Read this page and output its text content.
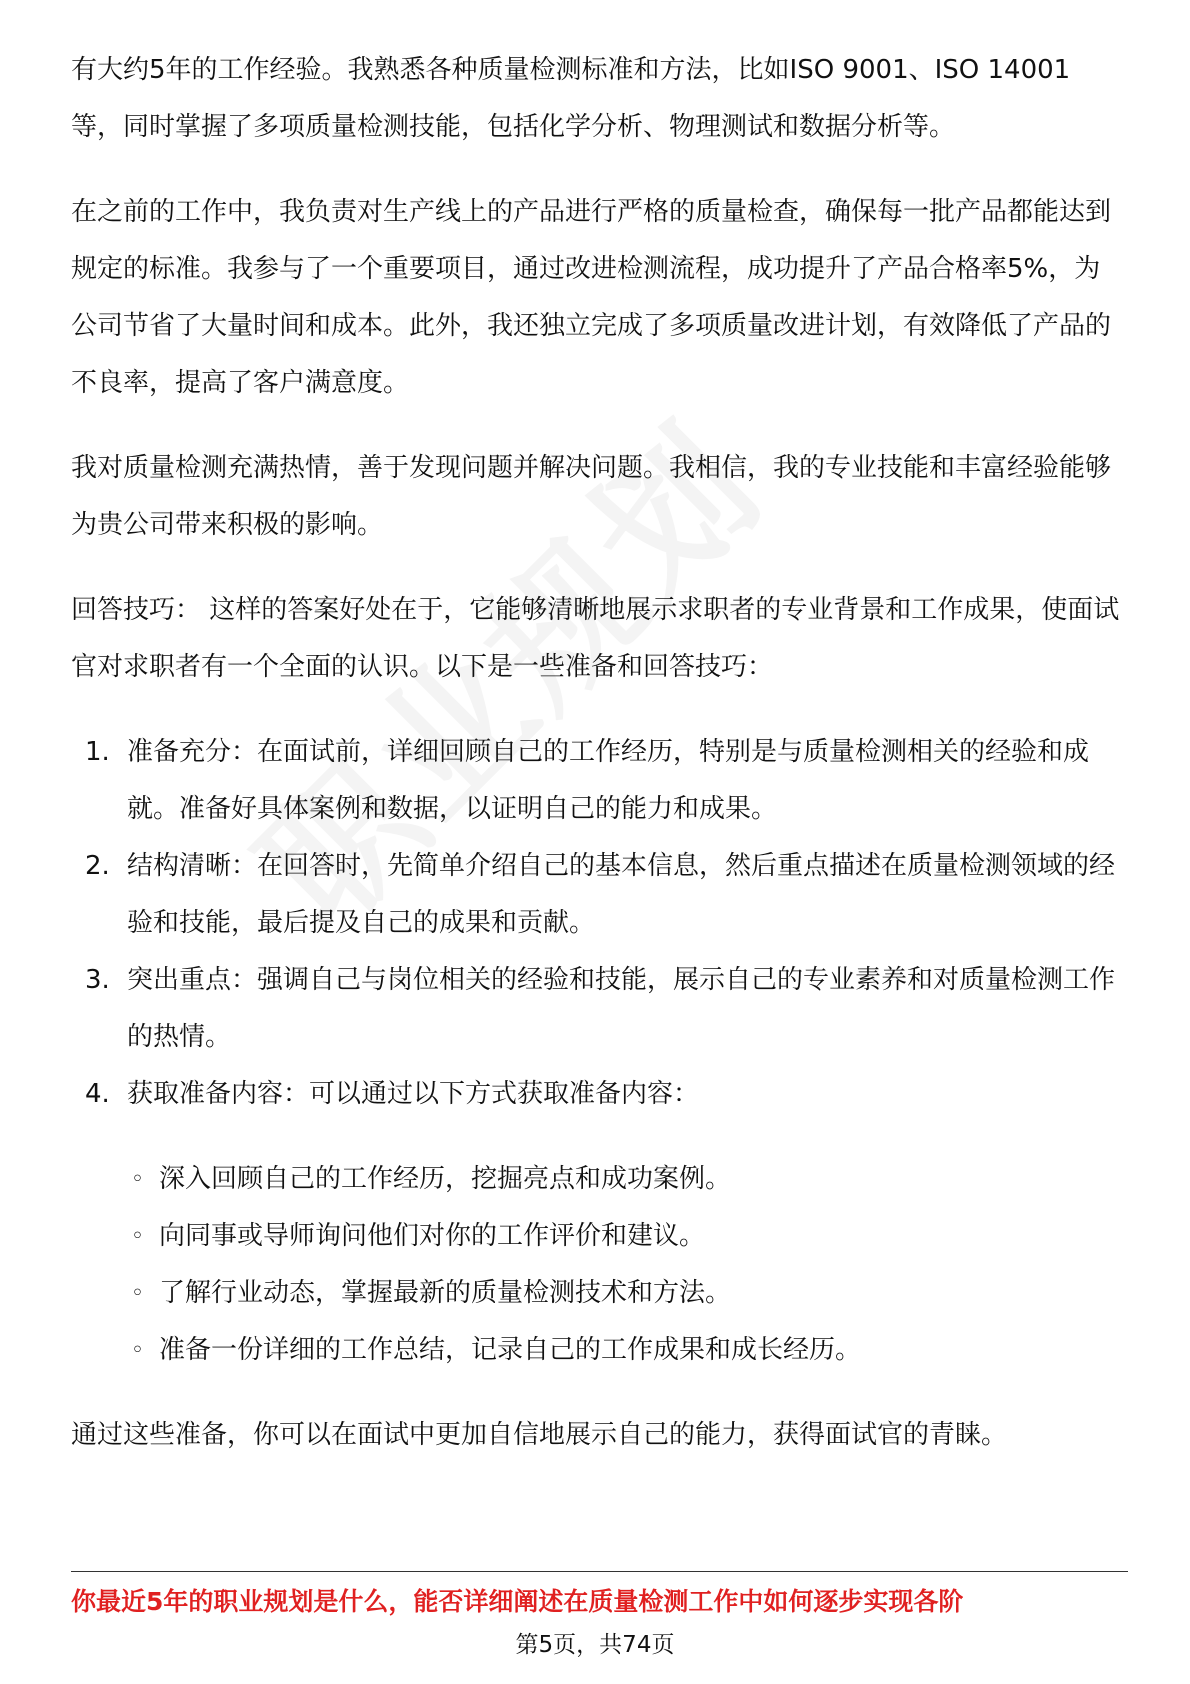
有大约5年的工作经验。我熟悉各种质量检测标准和方法，比如ISO 9001、ISO 14001等，同时掌握了多项质量检测技能，包括化学分析、物理测试和数据分析等。

在之前的工作中，我负责对生产线上的产品进行严格的质量检查，确保每一批产品都能达到规定的标准。我参与了一个重要项目，通过改进检测流程，成功提升了产品合格率5%，为公司节省了大量时间和成本。此外，我还独立完成了多项质量改进计划，有效降低了产品的不良率，提高了客户满意度。

我对质量检测充满热情，善于发现问题并解决问题。我相信，我的专业技能和丰富经验能够为贵公司带来积极的影响。

回答技巧： 这样的答案好处在于，它能够清晰地展示求职者的专业背景和工作成果，使面试官对求职者有一个全面的认识。以下是一些准备和回答技巧：

1. 准备充分：在面试前，详细回顾自己的工作经历，特别是与质量检测相关的经验和成就。准备好具体案例和数据，以证明自己的能力和成果。
2. 结构清晰：在回答时，先简单介绍自己的基本信息，然后重点描述在质量检测领域的经验和技能，最后提及自己的成果和贡献。
3. 突出重点：强调自己与岗位相关的经验和技能，展示自己的专业素养和对质量检测工作的热情。
4. 获取准备内容：可以通过以下方式获取准备内容：
◦ 深入回顾自己的工作经历，挖掘亮点和成功案例。
◦ 向同事或导师询问他们对你的工作评价和建议。
◦ 了解行业动态，掌握最新的质量检测技术和方法。
◦ 准备一份详细的工作总结，记录自己的工作成果和成长经历。

通过这些准备，你可以在面试中更加自信地展示自己的能力，获得面试官的青睐。

你最近5年的职业规划是什么，能否详细阐述在质量检测工作中如何逐步实现各阶
第5页，共74页
